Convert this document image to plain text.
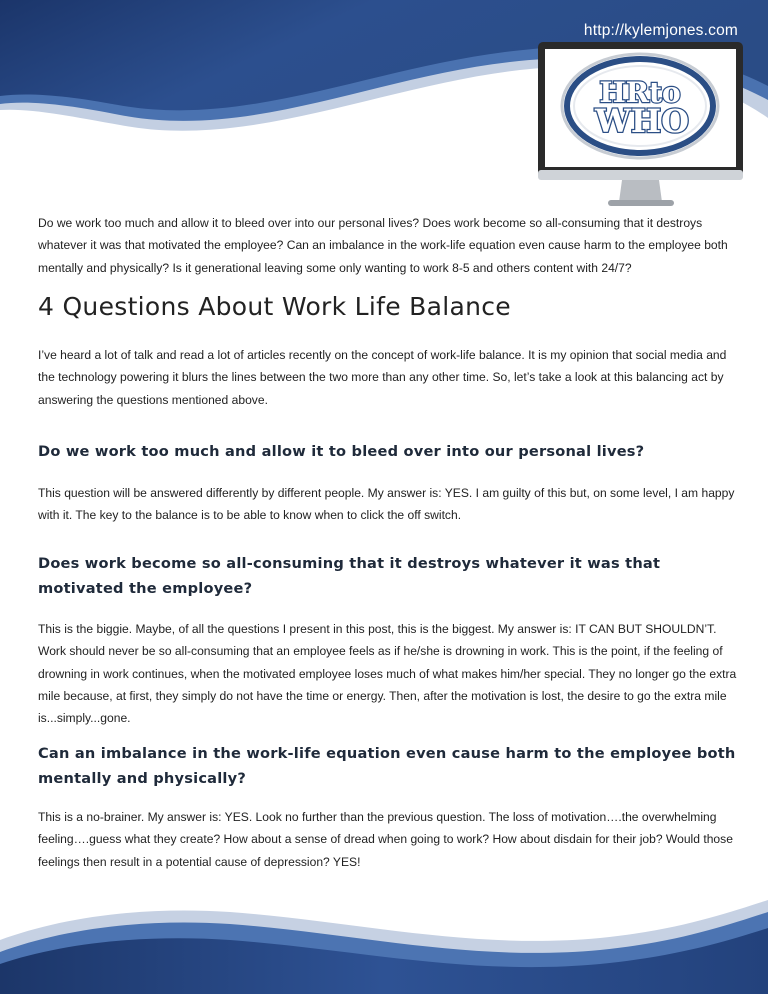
http://kylemjones.com
HRto
WHO

Do we work too much and allow it to bleed over into our personal lives? Does work become so all-consuming that it destroys whatever it was that motivated the employee? Can an imbalance in the work-life equation even cause harm to the employee both mentally and physically? Is it generational leaving some only wanting to work 8-5 and others content with 24/7?

4 Questions About Work Life Balance

I’ve heard a lot of talk and read a lot of articles recently on the concept of work-life balance. It is my opinion that social media and the technology powering it blurs the lines between the two more than any other time. So, let’s take a look at this balancing act by answering the questions mentioned above.

Do we work too much and allow it to bleed over into our personal lives?

This question will be answered differently by different people. My answer is: YES. I am guilty of this but, on some level, I am happy with it. The key to the balance is to be able to know when to click the off switch.

Does work become so all-consuming that it destroys whatever it was that motivated the employee?

This is the biggie. Maybe, of all the questions I present in this post, this is the biggest. My answer is: IT CAN BUT SHOULDN’T. Work should never be so all-consuming that an employee feels as if he/she is drowning in work. This is the point, if the feeling of drowning in work continues, when the motivated employee loses much of what makes him/her special. They no longer go the extra mile because, at first, they simply do not have the time or energy. Then, after the motivation is lost, the desire to go the extra mile is...simply...gone.

Can an imbalance in the work-life equation even cause harm to the employee both mentally and physically?

This is a no-brainer. My answer is: YES. Look no further than the previous question. The loss of motivation….the overwhelming feeling….guess what they create? How about a sense of dread when going to work? How about disdain for their job? Would those feelings then result in a potential cause of depression? YES!
